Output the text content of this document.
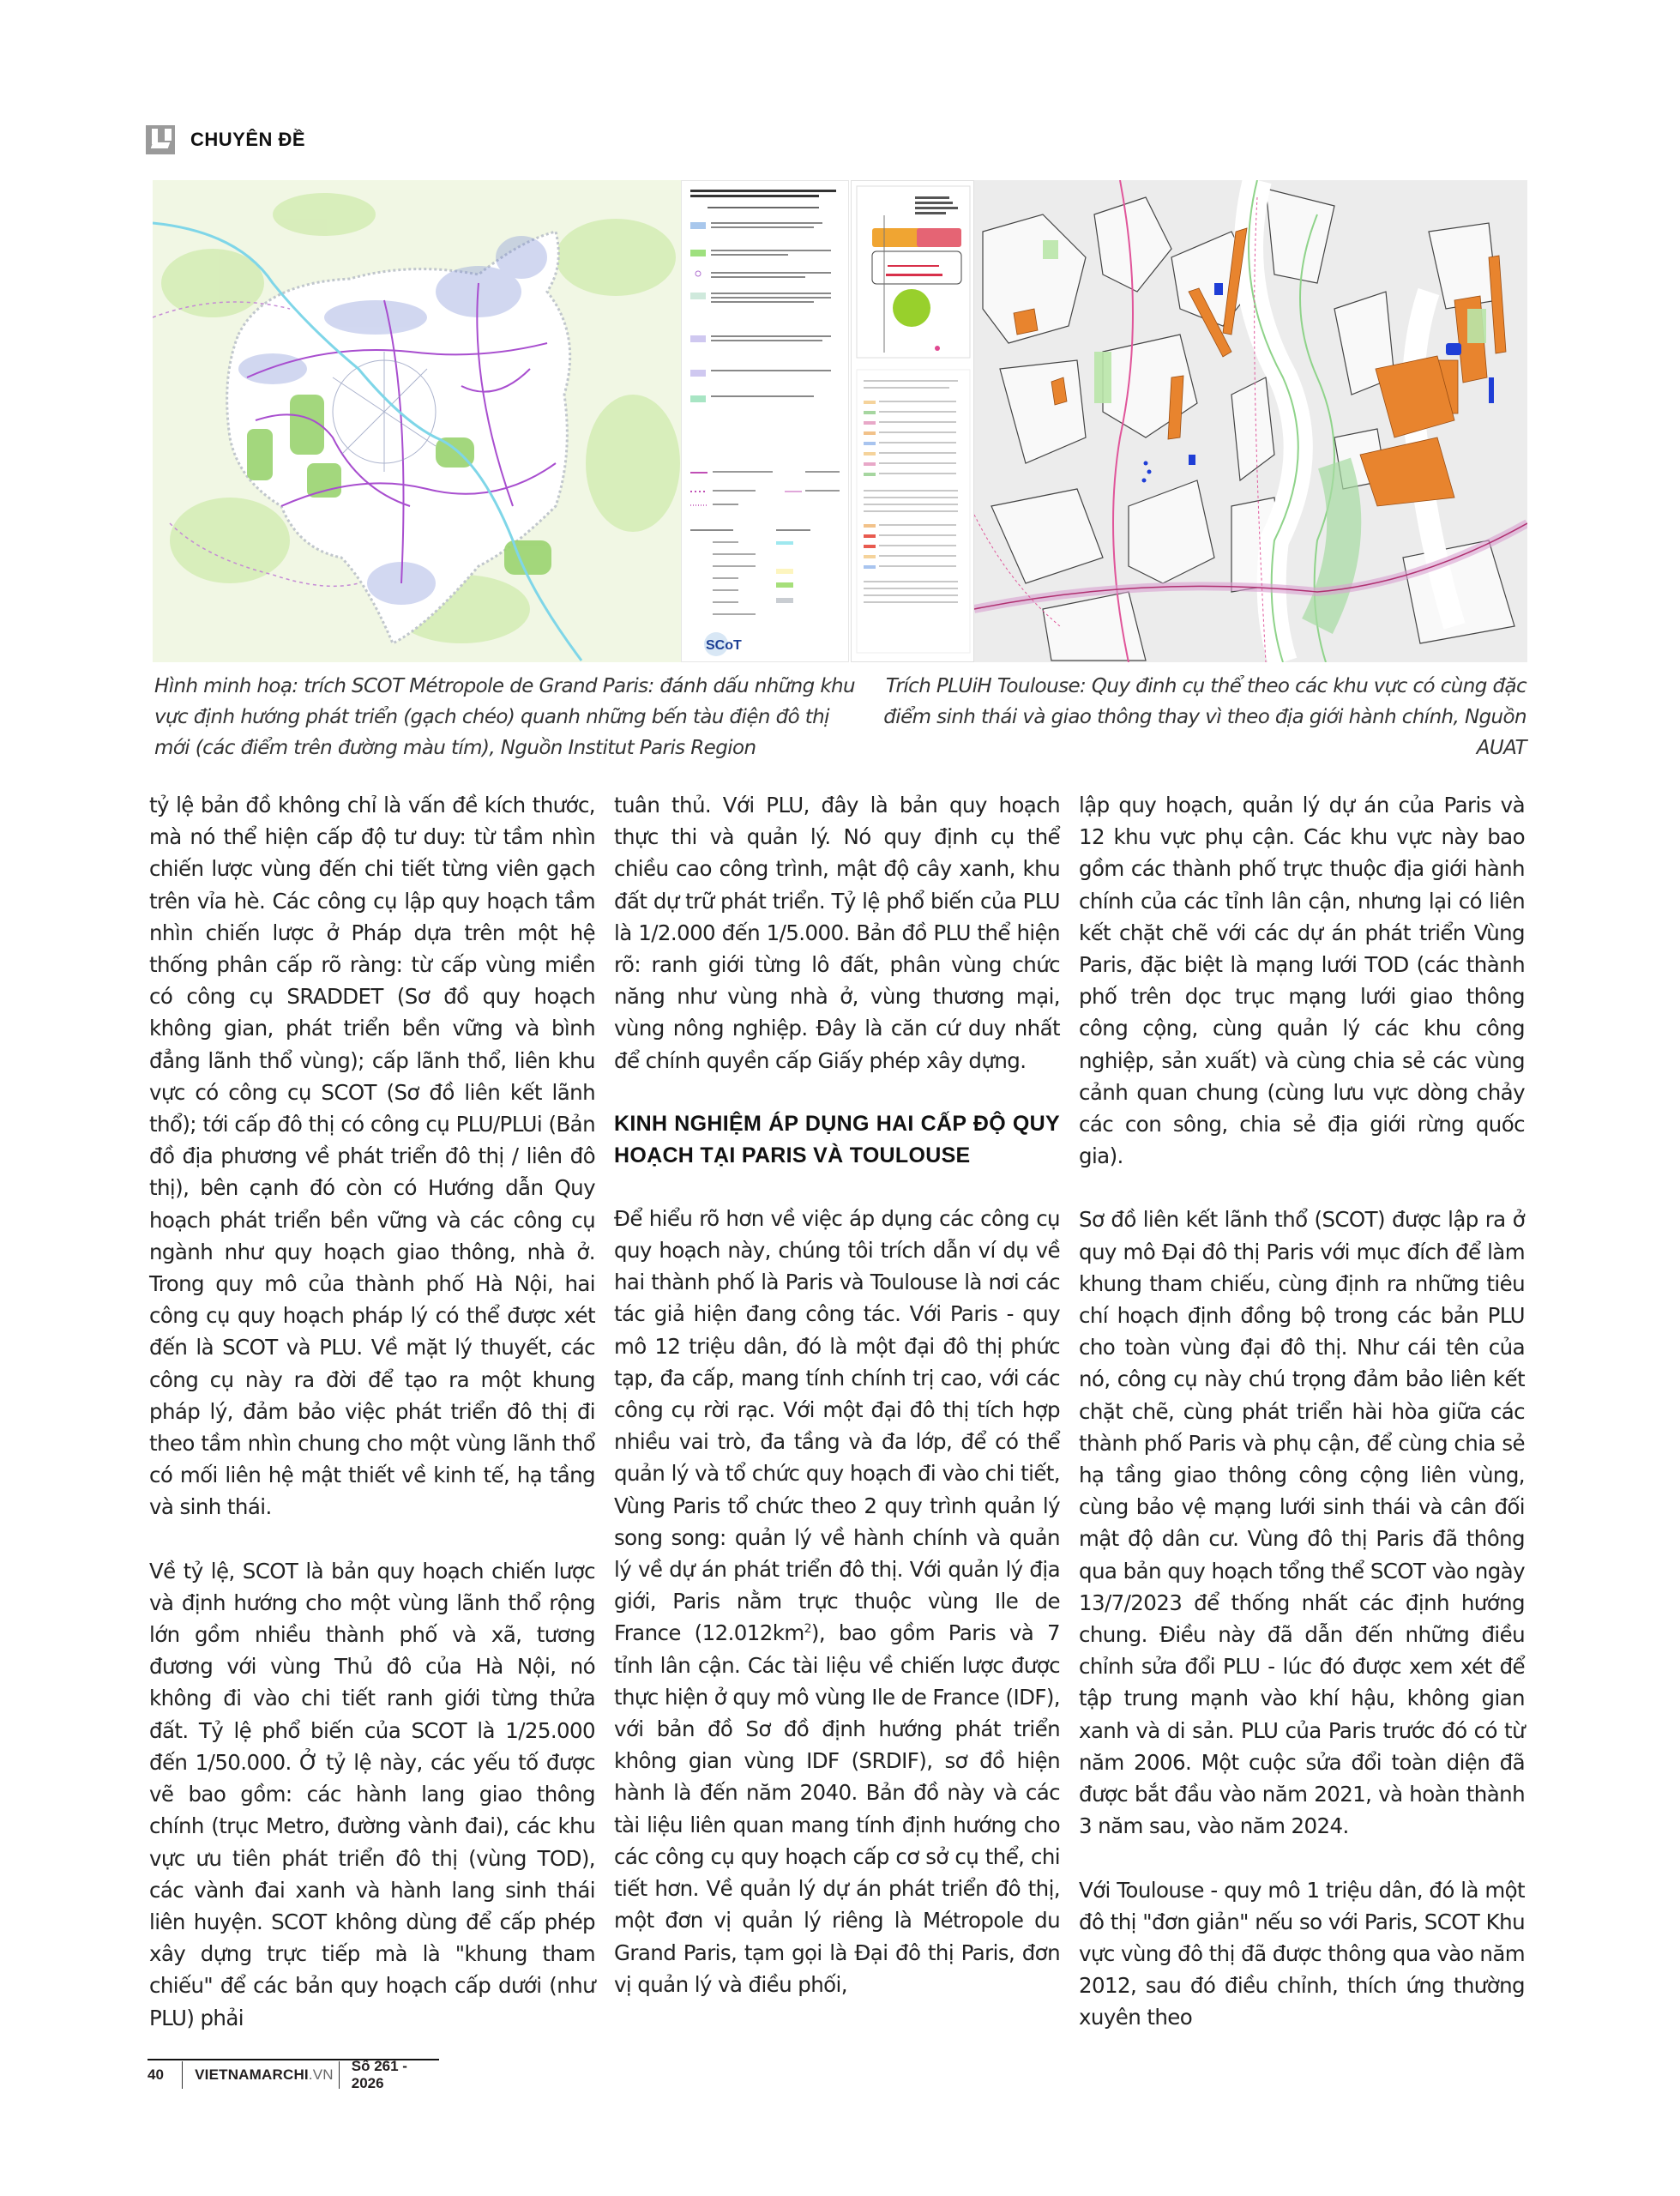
CHUYÊN ĐỀ
SCoT
Hình minh hoạ: trích SCOT Métropole de Grand Paris: đánh dấu những khu vực định hướng phát triển (gạch chéo) quanh những bến tàu điện đô thị mới (các điểm trên đường màu tím), Nguồn Institut Paris Region
Trích PLUiH Toulouse: Quy đinh cụ thể theo các khu vực có cùng đặc điểm sinh thái và giao thông thay vì theo địa giới hành chính, Nguồn AUAT

tỷ lệ bản đồ không chỉ là vấn đề kích thước, mà nó thể hiện cấp độ tư duy: từ tầm nhìn chiến lược vùng đến chi tiết từng viên gạch trên vỉa hè. Các công cụ lập quy hoạch tầm nhìn chiến lược ở Pháp dựa trên một hệ thống phân cấp rõ ràng: từ cấp vùng miền có công cụ SRADDET (Sơ đồ quy hoạch không gian, phát triển bền vững và bình đẳng lãnh thổ vùng); cấp lãnh thổ, liên khu vực có công cụ SCOT (Sơ đồ liên kết lãnh thổ); tới cấp đô thị có công cụ PLU/PLUi (Bản đồ địa phương về phát triển đô thị / liên đô thị), bên cạnh đó còn có Hướng dẫn Quy hoạch phát triển bền vững và các công cụ ngành như quy hoạch giao thông, nhà ở. Trong quy mô của thành phố Hà Nội, hai công cụ quy hoạch pháp lý có thể được xét đến là SCOT và PLU. Về mặt lý thuyết, các công cụ này ra đời để tạo ra một khung pháp lý, đảm bảo việc phát triển đô thị đi theo tầm nhìn chung cho một vùng lãnh thổ có mối liên hệ mật thiết về kinh tế, hạ tầng và sinh thái.

Về tỷ lệ, SCOT là bản quy hoạch chiến lược và định hướng cho một vùng lãnh thổ rộng lớn gồm nhiều thành phố và xã, tương đương với vùng Thủ đô của Hà Nội, nó không đi vào chi tiết ranh giới từng thửa đất. Tỷ lệ phổ biến của SCOT là 1/25.000 đến 1/50.000. Ở tỷ lệ này, các yếu tố được vẽ bao gồm: các hành lang giao thông chính (trục Metro, đường vành đai), các khu vực ưu tiên phát triển đô thị (vùng TOD), các vành đai xanh và hành lang sinh thái liên huyện. SCOT không dùng để cấp phép xây dựng trực tiếp mà là "khung tham chiếu" để các bản quy hoạch cấp dưới (như PLU) phải

tuân thủ. Với PLU, đây là bản quy hoạch thực thi và quản lý. Nó quy định cụ thể chiều cao công trình, mật độ cây xanh, khu đất dự trữ phát triển. Tỷ lệ phổ biến của PLU là 1/2.000 đến 1/5.000. Bản đồ PLU thể hiện rõ: ranh giới từng lô đất, phân vùng chức năng như vùng nhà ở, vùng thương mại, vùng nông nghiệp. Đây là căn cứ duy nhất để chính quyền cấp Giấy phép xây dựng.

KINH NGHIỆM ÁP DỤNG HAI CẤP ĐỘ QUY HOẠCH TẠI PARIS VÀ TOULOUSE

Để hiểu rõ hơn về việc áp dụng các công cụ quy hoạch này, chúng tôi trích dẫn ví dụ về hai thành phố là Paris và Toulouse là nơi các tác giả hiện đang công tác. Với Paris - quy mô 12 triệu dân, đó là một đại đô thị phức tạp, đa cấp, mang tính chính trị cao, với các công cụ rời rạc. Với một đại đô thị tích hợp nhiều vai trò, đa tầng và đa lớp, để có thể quản lý và tổ chức quy hoạch đi vào chi tiết, Vùng Paris tổ chức theo 2 quy trình quản lý song song: quản lý về hành chính và quản lý về dự án phát triển đô thị. Với quản lý địa giới, Paris nằm trực thuộc vùng Ile de France $(12.012km^2)$, bao gồm Paris và 7 tỉnh lân cận. Các tài liệu về chiến lược được thực hiện ở quy mô vùng Ile de France (IDF), với bản đồ Sơ đồ định hướng phát triển không gian vùng IDF (SRDIF), sơ đồ hiện hành là đến năm 2040. Bản đồ này và các tài liệu liên quan mang tính định hướng cho các công cụ quy hoạch cấp cơ sở cụ thể, chi tiết hơn. Về quản lý dự án phát triển đô thị, một đơn vị quản lý riêng là Métropole du Grand Paris, tạm gọi là Đại đô thị Paris, đơn vị quản lý và điều phối,

lập quy hoạch, quản lý dự án của Paris và 12 khu vực phụ cận. Các khu vực này bao gồm các thành phố trực thuộc địa giới hành chính của các tỉnh lân cận, nhưng lại có liên kết chặt chẽ với các dự án phát triển Vùng Paris, đặc biệt là mạng lưới TOD (các thành phố trên dọc trục mạng lưới giao thông công cộng, cùng quản lý các khu công nghiệp, sản xuất) và cùng chia sẻ các vùng cảnh quan chung (cùng lưu vực dòng chảy các con sông, chia sẻ địa giới rừng quốc gia).

Sơ đồ liên kết lãnh thổ (SCOT) được lập ra ở quy mô Đại đô thị Paris với mục đích để làm khung tham chiếu, cùng định ra những tiêu chí hoạch định đồng bộ trong các bản PLU cho toàn vùng đại đô thị. Như cái tên của nó, công cụ này chú trọng đảm bảo liên kết chặt chẽ, cùng phát triển hài hòa giữa các thành phố Paris và phụ cận, để cùng chia sẻ hạ tầng giao thông công cộng liên vùng, cùng bảo vệ mạng lưới sinh thái và cân đối mật độ dân cư. Vùng đô thị Paris đã thông qua bản quy hoạch tổng thể SCOT vào ngày 13/7/2023 để thống nhất các định hướng chung. Điều này đã dẫn đến những điều chỉnh sửa đổi PLU - lúc đó được xem xét để tập trung mạnh vào khí hậu, không gian xanh và di sản. PLU của Paris trước đó có từ năm 2006. Một cuộc sửa đổi toàn diện đã được bắt đầu vào năm 2021, và hoàn thành 3 năm sau, vào năm 2024.

Với Toulouse - quy mô 1 triệu dân, đó là một đô thị "đơn giản" nếu so với Paris, SCOT Khu vực vùng đô thị đã được thông qua vào năm 2012, sau đó điều chỉnh, thích ứng thường xuyên theo

40	VIETNAMARCHI.VN
Số 261 - 2026
